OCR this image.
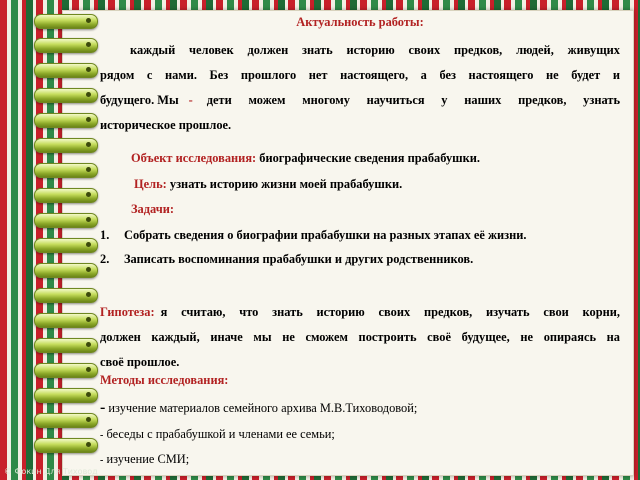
Актуальность работы:
каждый человек должен знать историю своих предков, людей, живущих
рядом с нами. Без прошлого нет настоящего, а без настоящего не будет и
будущего. Мы - дети можем многому научиться у наших предков, узнать
историческое прошлое.
Объект исследования: биографические сведения прабабушки.
Цель: узнать историю жизни моей прабабушки.
Задачи:
1. Собрать сведения о биографии прабабушки на разных этапах её жизни.
2. Записать воспоминания прабабушки и других родственников.
Гипотеза: я считаю, что знать историю своих предков, изучать свои корни,
должен каждый, иначе мы не сможем построить своё будущее, не опираясь на
своё прошлое.
Методы исследования:
- изучение материалов семейного архива М.В.Тиховодовой;
- беседы с прабабушкой и членами ее семьи;
- изучение СМИ;
© Фокин Для Тиховод
